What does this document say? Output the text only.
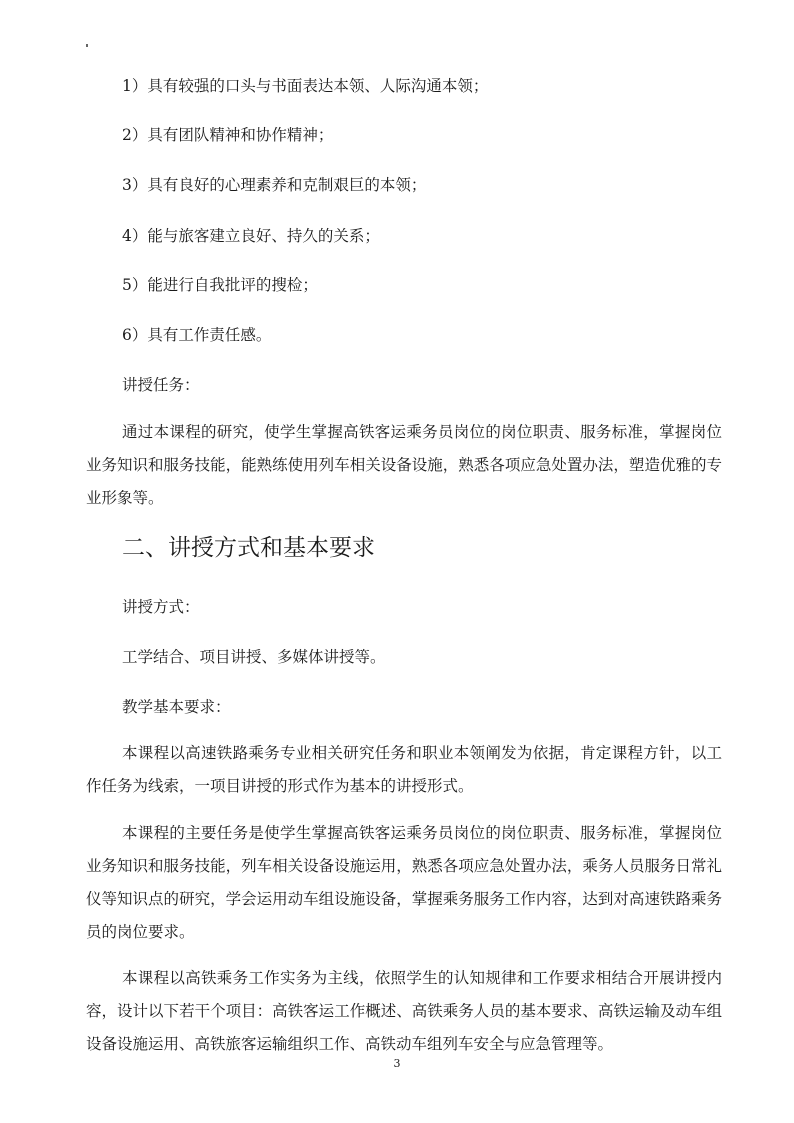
1）具有较强的口头与书面表达本领、人际沟通本领；
2）具有团队精神和协作精神；
3）具有良好的心理素养和克制艰巨的本领；
4）能与旅客建立良好、持久的关系；
5）能进行自我批评的搜检；
6）具有工作责任感。
讲授任务：
通过本课程的研究，使学生掌握高铁客运乘务员岗位的岗位职责、服务标准，掌握岗位业务知识和服务技能，能熟练使用列车相关设备设施，熟悉各项应急处置办法，塑造优雅的专业形象等。
二、讲授方式和基本要求
讲授方式：
工学结合、项目讲授、多媒体讲授等。
教学基本要求：
本课程以高速铁路乘务专业相关研究任务和职业本领阐发为依据，肯定课程方针，以工作任务为线索，一项目讲授的形式作为基本的讲授形式。
本课程的主要任务是使学生掌握高铁客运乘务员岗位的岗位职责、服务标准，掌握岗位业务知识和服务技能，列车相关设备设施运用，熟悉各项应急处置办法，乘务人员服务日常礼仪等知识点的研究，学会运用动车组设施设备，掌握乘务服务工作内容，达到对高速铁路乘务员的岗位要求。
本课程以高铁乘务工作实务为主线，依照学生的认知规律和工作要求相结合开展讲授内容，设计以下若干个项目：高铁客运工作概述、高铁乘务人员的基本要求、高铁运输及动车组设备设施运用、高铁旅客运输组织工作、高铁动车组列车安全与应急管理等。
3
